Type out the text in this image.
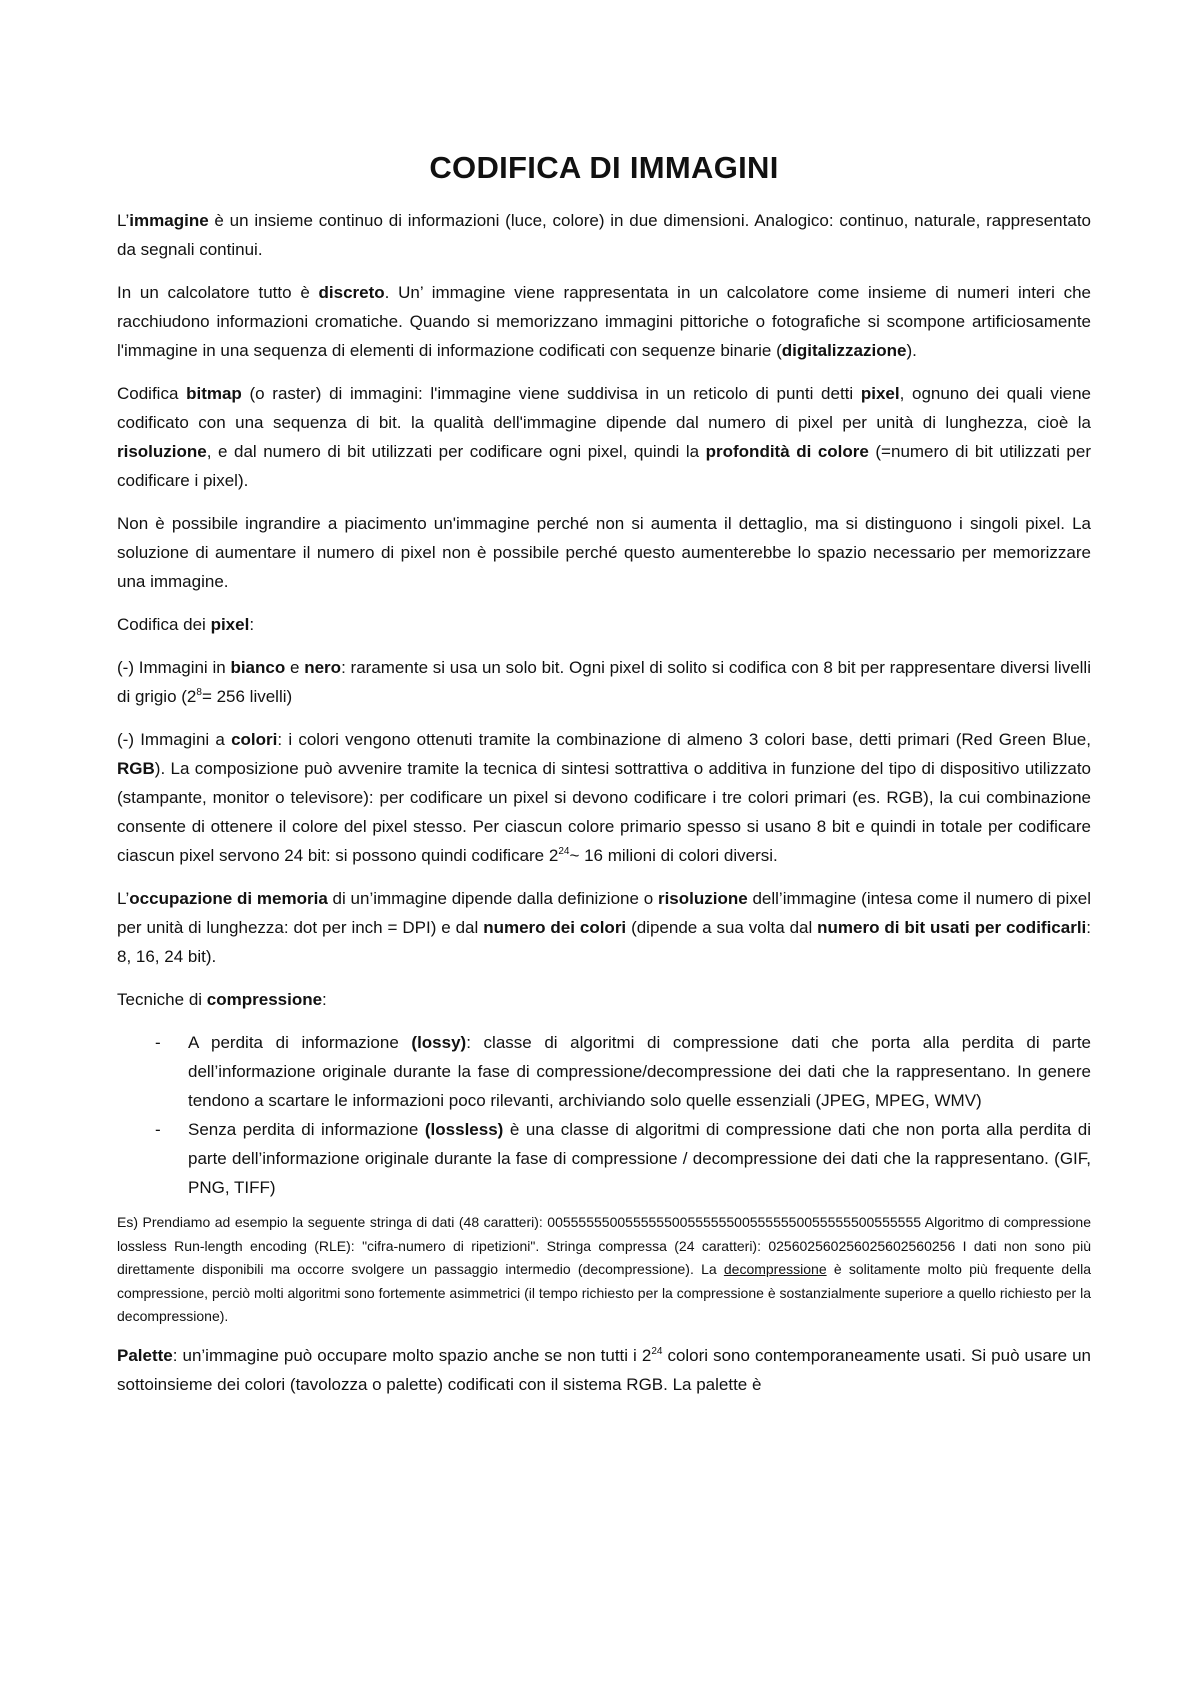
CODIFICA DI IMMAGINI

L’immagine è un insieme continuo di informazioni (luce, colore) in due dimensioni. Analogico: continuo, naturale, rappresentato da segnali continui.

In un calcolatore tutto è discreto. Un’ immagine viene rappresentata in un calcolatore come insieme di numeri interi che racchiudono informazioni cromatiche. Quando si memorizzano immagini pittoriche o fotografiche si scompone artificiosamente l'immagine in una sequenza di elementi di informazione codificati con sequenze binarie (digitalizzazione).

Codifica bitmap (o raster) di immagini: l'immagine viene suddivisa in un reticolo di punti detti pixel, ognuno dei quali viene codificato con una sequenza di bit. la qualità dell'immagine dipende dal numero di pixel per unità di lunghezza, cioè la risoluzione, e dal numero di bit utilizzati per codificare ogni pixel, quindi la profondità di colore (=numero di bit utilizzati per codificare i pixel).

Non è possibile ingrandire a piacimento un'immagine perché non si aumenta il dettaglio, ma si distinguono i singoli pixel. La soluzione di aumentare il numero di pixel non è possibile perché questo aumenterebbe lo spazio necessario per memorizzare una immagine.

Codifica dei pixel:

(-) Immagini in bianco e nero: raramente si usa un solo bit. Ogni pixel di solito si codifica con 8 bit per rappresentare diversi livelli di grigio ($2^8= 256$ livelli)

(-) Immagini a colori: i colori vengono ottenuti tramite la combinazione di almeno 3 colori base, detti primari (Red Green Blue, RGB). La composizione può avvenire tramite la tecnica di sintesi sottrattiva o additiva in funzione del tipo di dispositivo utilizzato (stampante, monitor o televisore): per codificare un pixel si devono codificare i tre colori primari (es. RGB), la cui combinazione consente di ottenere il colore del pixel stesso. Per ciascun colore primario spesso si usano 8 bit e quindi in totale per codificare ciascun pixel servono 24 bit: si possono quindi codificare $2^{24}\sim$ 16 milioni di colori diversi.

L’occupazione di memoria di un’immagine dipende dalla definizione o risoluzione dell’immagine (intesa come il numero di pixel per unità di lunghezza: dot per inch = DPI) e dal numero dei colori (dipende a sua volta dal numero di bit usati per codificarli: 8, 16, 24 bit).

Tecniche di compressione:

- A perdita di informazione (lossy): classe di algoritmi di compressione dati che porta alla perdita di parte dell’informazione originale durante la fase di compressione/decompressione dei dati che la rappresentano. In genere tendono a scartare le informazioni poco rilevanti, archiviando solo quelle essenziali (JPEG, MPEG, WMV)
- Senza perdita di informazione (lossless) è una classe di algoritmi di compressione dati che non porta alla perdita di parte dell’informazione originale durante la fase di compressione / decompressione dei dati che la rappresentano. (GIF, PNG, TIFF)

Es) Prendiamo ad esempio la seguente stringa di dati (48 caratteri): 005555550055555500555555005555550055555500555555 Algoritmo di compressione lossless Run-length encoding (RLE): "cifra-numero di ripetizioni". Stringa compressa (24 caratteri): 025602560256025602560256 I dati non sono più direttamente disponibili ma occorre svolgere un passaggio intermedio (decompressione). La decompressione è solitamente molto più frequente della compressione, perciò molti algoritmi sono fortemente asimmetrici (il tempo richiesto per la compressione è sostanzialmente superiore a quello richiesto per la decompressione).

Palette: un’immagine può occupare molto spazio anche se non tutti i $2^{24}$ colori sono contemporaneamente usati. Si può usare un sottoinsieme dei colori (tavolozza o palette) codificati con il sistema RGB. La palette è
